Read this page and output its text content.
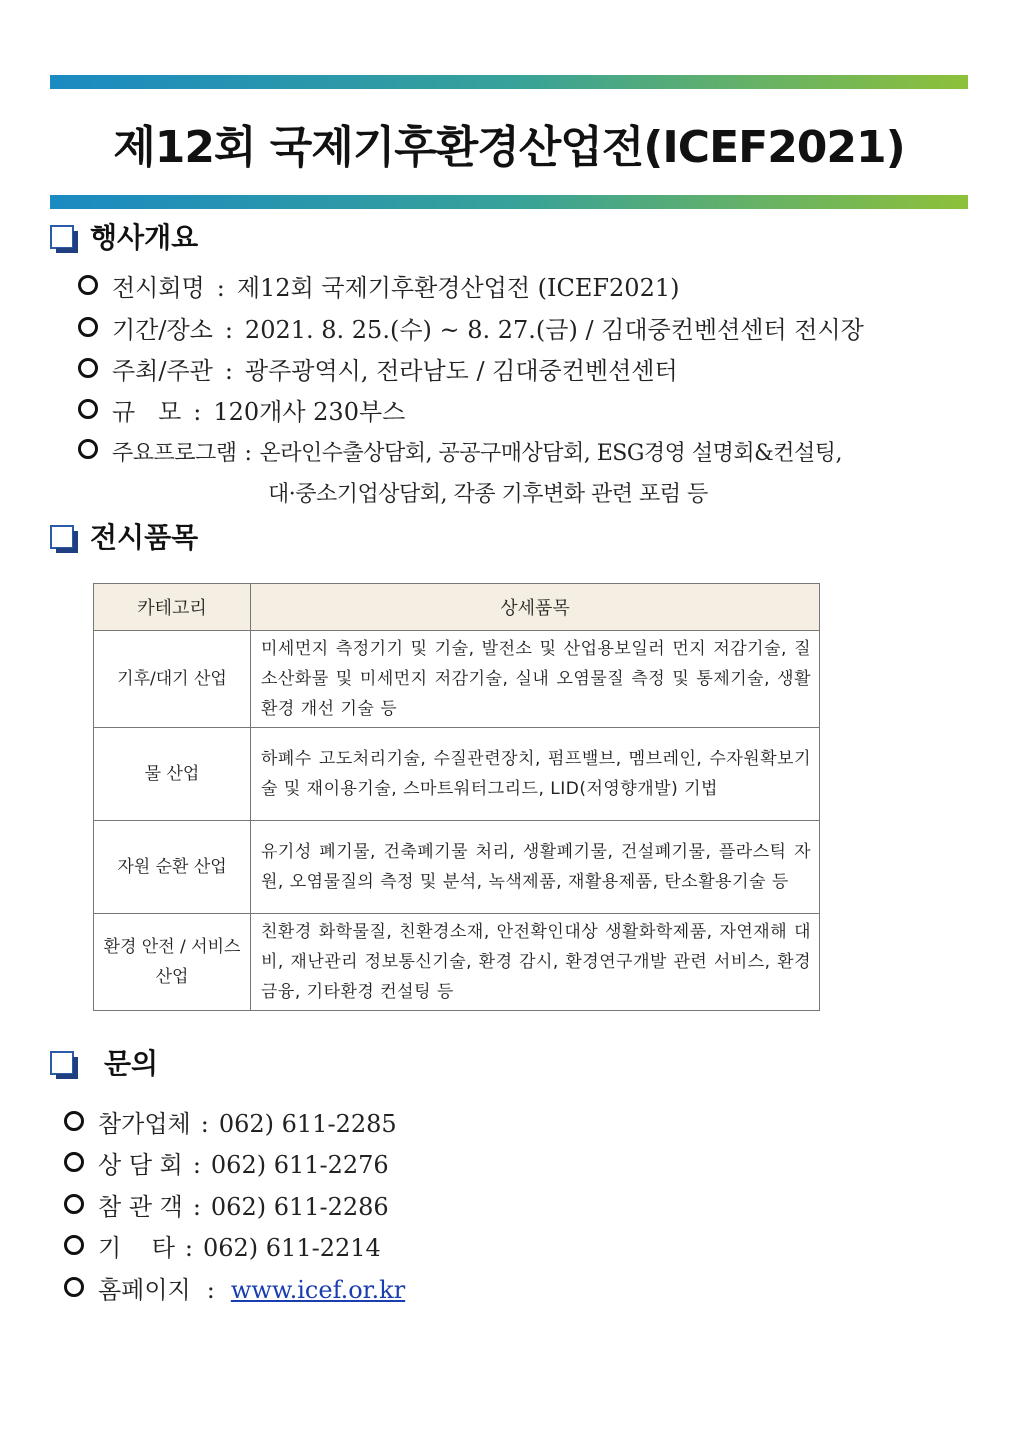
제12회 국제기후환경산업전(ICEF2021)
행사개요
전시회명 : 제12회 국제기후환경산업전 (ICEF2021)
기간/장소 : 2021. 8. 25.(수) ~ 8. 27.(금) / 김대중컨벤션센터 전시장
주최/주관 : 광주광역시, 전라남도 / 김대중컨벤션센터
규   모 : 120개사 230부스
주요프로그램 : 온라인수출상담회, 공공구매상담회, ESG경영 설명회&컨설팅,
대·중소기업상담회, 각종 기후변화 관련 포럼 등
전시품목
카테고리	상세품목
기후/대기 산업	미세먼지 측정기기 및 기술, 발전소 및 산업용보일러 먼지 저감기술, 질소산화물 및 미세먼지 저감기술, 실내 오염물질 측정 및 통제기술, 생활환경 개선 기술 등
물 산업	하폐수 고도처리기술, 수질관련장치, 펌프밸브, 멤브레인, 수자원확보기술 및 재이용기술, 스마트워터그리드, LID(저영향개발) 기법
자원 순환 산업	유기성 폐기물, 건축폐기물 처리, 생활폐기물, 건설폐기물, 플라스틱 자원, 오염물질의 측정 및 분석, 녹색제품, 재활용제품, 탄소활용기술 등
환경 안전 / 서비스 산업	친환경 화학물질, 친환경소재, 안전확인대상 생활화학제품, 자연재해 대비, 재난관리 정보통신기술, 환경 감시, 환경연구개발 관련 서비스, 환경 금융, 기타환경 컨설팅 등
문의
참가업체 : 062) 611-2285
상 담 회 : 062) 611-2276
참 관 객 : 062) 611-2286
기    타 : 062) 611-2214
홈페이지 : www.icef.or.kr
